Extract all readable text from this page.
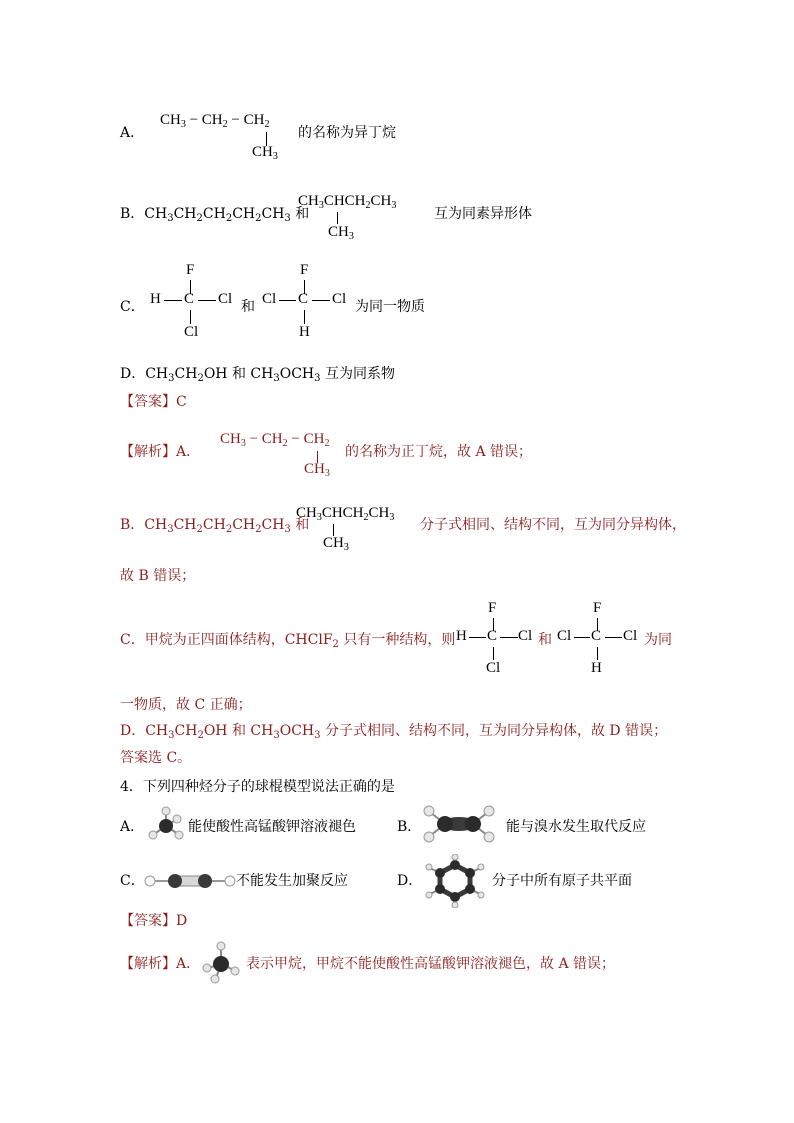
A．
$CH_3 - CH_2 - CH_2$
$CH_3$
的名称为异丁烷
B．$CH_3CH_2CH_2CH_2CH_3$ 和
$CH_3CHCH_2CH_3$
$CH_3$
互为同素异形体
C．
F
H C Cl
Cl
和
F
Cl C Cl
H
为同一物质
D．$CH_3CH_2OH$ 和 $CH_3OCH_3$ 互为同系物
【答案】C
【解析】A．
$CH_3 - CH_2 - CH_2$
$CH_3$
的名称为正丁烷，故 A 错误；
B．$CH_3CH_2CH_2CH_2CH_3$ 和
$CH_3CHCH_2CH_3$
$CH_3$
分子式相同、结构不同，互为同分异构体，
故 B 错误；
C．甲烷为正四面体结构，CHClF$_2$ 只有一种结构，则
F
H C Cl
Cl
和
F
Cl C Cl
H
为同
一物质，故 C 正确；
D．$CH_3CH_2OH$ 和 $CH_3OCH_3$ 分子式相同、结构不同，互为同分异构体，故 D 错误；
答案选 C。
4．下列四种烃分子的球棍模型说法正确的是
A．	能使酸性高锰酸钾溶液褪色	B．	能与溴水发生取代反应
C．	不能发生加聚反应	D．	分子中所有原子共平面
【答案】D
【解析】A．	表示甲烷，甲烷不能使酸性高锰酸钾溶液褪色，故 A 错误；
